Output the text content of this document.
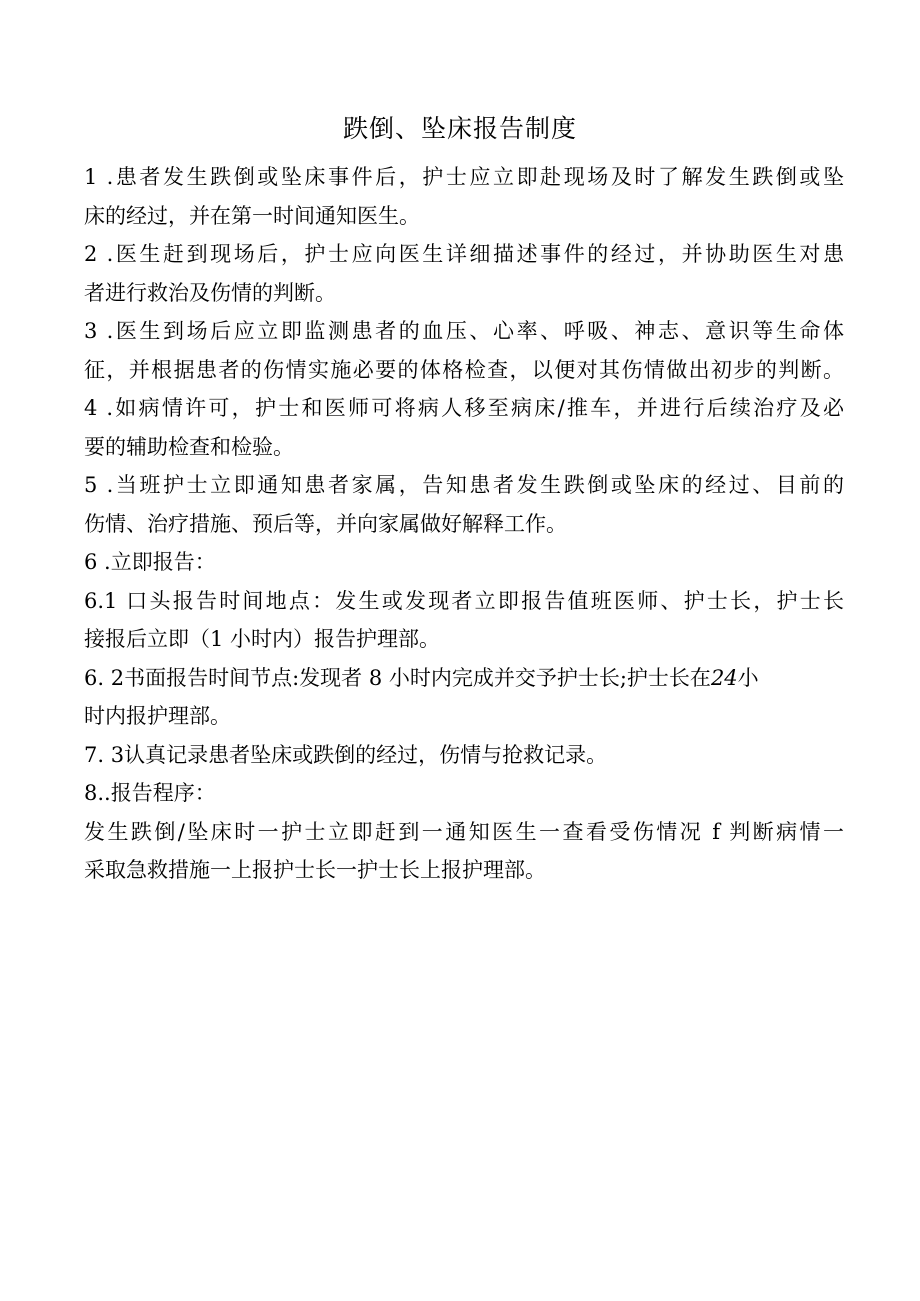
跌倒、坠床报告制度
1 .患者发生跌倒或坠床事件后，护士应立即赴现场及时了解发生跌倒或坠
床的经过，并在第一时间通知医生。
2 .医生赶到现场后，护士应向医生详细描述事件的经过，并协助医生对患
者进行救治及伤情的判断。
3 .医生到场后应立即监测患者的血压、心率、呼吸、神志、意识等生命体
征，并根据患者的伤情实施必要的体格检查，以便对其伤情做出初步的判断。
4 .如病情许可，护士和医师可将病人移至病床/推车，并进行后续治疗及必
要的辅助检查和检验。
5 .当班护士立即通知患者家属，告知患者发生跌倒或坠床的经过、目前的
伤情、治疗措施、预后等，并向家属做好解释工作。
6 .立即报告：
6.1 口头报告时间地点：发生或发现者立即报告值班医师、护士长，护士长
接报后立即（1 小时内）报告护理部。
6. 2书面报告时间节点:发现者 8 小时内完成并交予护士长;护士长在24小
时内报护理部。
7. 3认真记录患者坠床或跌倒的经过，伤情与抢救记录。
8..报告程序：
发生跌倒/坠床时一护士立即赶到一通知医生一查看受伤情况 f 判断病情一
采取急救措施一上报护士长一护士长上报护理部。
